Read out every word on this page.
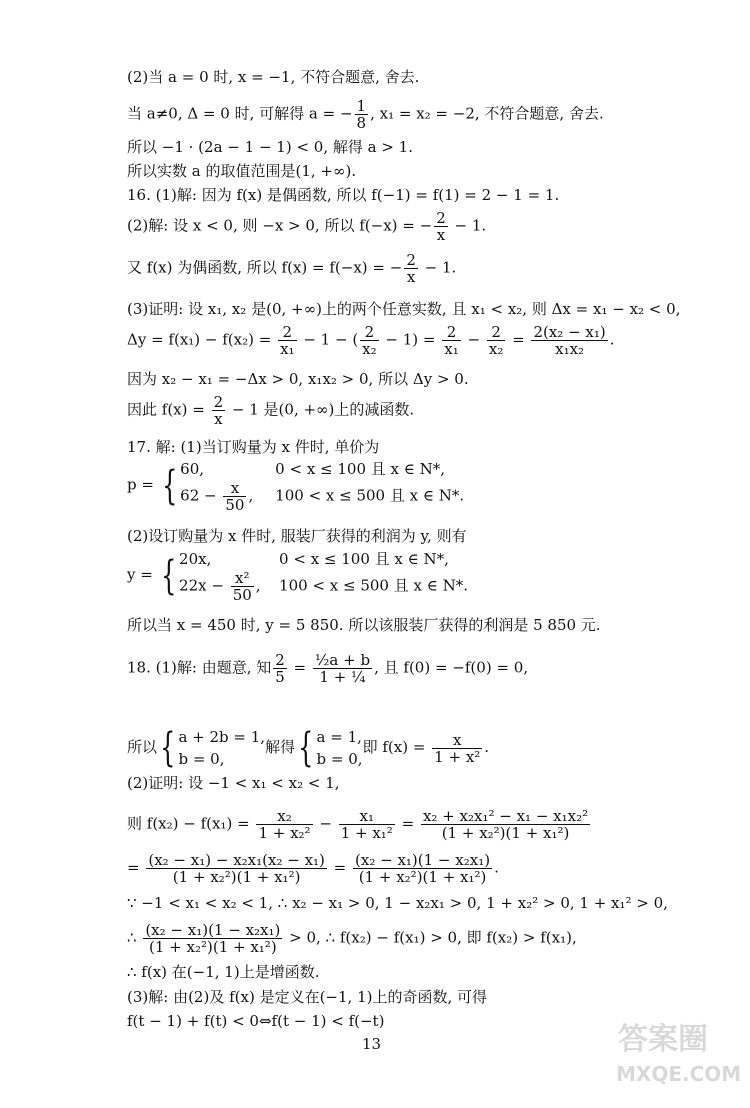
(2)当 a = 0 时, x = −1, 不符合题意, 舍去.
当 a≠0, Δ = 0 时, 可解得 a = − $\frac{1}{8}$ , x₁ = x₂ = −2, 不符合题意, 舍去.
所以 −1 · (2a − 1 − 1) < 0, 解得 a > 1.
所以实数 a 的取值范围是(1, +∞).
16. (1)解: 因为 f(x) 是偶函数, 所以 f(−1) = f(1) = 2 − 1 = 1.
(2)解: 设 x < 0, 则 −x > 0, 所以 f(−x) = − $\frac{2}{x} - 1$.
又 f(x) 为偶函数, 所以 f(x) = f(−x) = − $\frac{2}{x} - 1$.
(3)证明: 设 x₁, x₂ 是(0, +∞)上的两个任意实数, 且 x₁ < x₂, 则 Δx = x₁ − x₂ < 0,
$\Delta y = f(x_1) - f(x_2) = \frac{2}{\text{x₁}} - 1$ − ( $\frac{2}{\text{x₂}} - 1) = \frac{2}{\text{x₁}} - \frac{2}{\text{x₂}} = \frac{\text{2(x₂ − x₁)}}{\text{x₁x₂}}$ .
因为 x₂ − x₁ = −Δx > 0, x₁x₂ > 0, 所以 Δy > 0.
因此 $f(x) = \frac{2}{x} - 1$ 是(0, +∞)上的减函数.
17. 解: (1)当订购量为 x 件时, 单价为
p = { 60,	0 < x ≤ 100 且 x ∈ N*,
$62 - \frac{x}{50}$ , 100 < x ≤ 500 且 x ∈ N*.
(2)设订购量为 x 件时, 服装厂获得的利润为 y, 则有
y = { 20x,	0 < x ≤ 100 且 x ∈ N*,
$22x - \frac{\text{x²}}{50}$ , 100 < x ≤ 500 且 x ∈ N*.
所以当 x = 450 时, y = 5 850. 所以该服装厂获得的利润是 5 850 元.
18. (1)解: 由题意, 知 $\frac{2}{5} = \frac{\text{½a + b}}{\text{1 + ¼}}$ , 且 f(0) = −f(0) = 0,
所以{ a + 2b = 1,
b = 0,
解得{ a = 1,
b = 0,
即 $f(x) = \frac{x}{\text{1 + x²}}$ .
(2)证明: 设 −1 < x₁ < x₂ < 1,
则 $f(x_2) - f(x_1) = \frac{\text{x₂}}{\text{1 + x₂²}} - \frac{\text{x₁}}{\text{1 + x₁²}} = \frac{\text{x₂ + x₂x₁² − x₁ − x₁x₂²}}{\text{(1 + x₂²)(1 + x₁²)}}$
= $\frac{\text{(x₂ − x₁) − x₂x₁(x₂ − x₁)}}{\text{(1 + x₂²)(1 + x₁²)}} = \frac{\text{(x₂ − x₁)(1 − x₂x₁)}}{\text{(1 + x₂²)(1 + x₁²)}}$ .
∵ −1 < x₁ < x₂ < 1, ∴ x₂ − x₁ > 0, 1 − x₂x₁ > 0, 1 + x₂² > 0, 1 + x₁² > 0,
∴ $\frac{\text{(x₂ − x₁)(1 − x₂x₁)}}{\text{(1 + x₂²)(1 + x₁²)}} > 0$, ∴ f(x₂) − f(x₁) > 0, 即 f(x₂) > f(x₁),
∴ f(x) 在(−1, 1)上是增函数.
(3)解: 由(2)及 f(x) 是定义在(−1, 1)上的奇函数, 可得
f(t − 1) + f(t) < 0⇔f(t − 1) < f(−t)
13	答案圈
MXQE.COM
